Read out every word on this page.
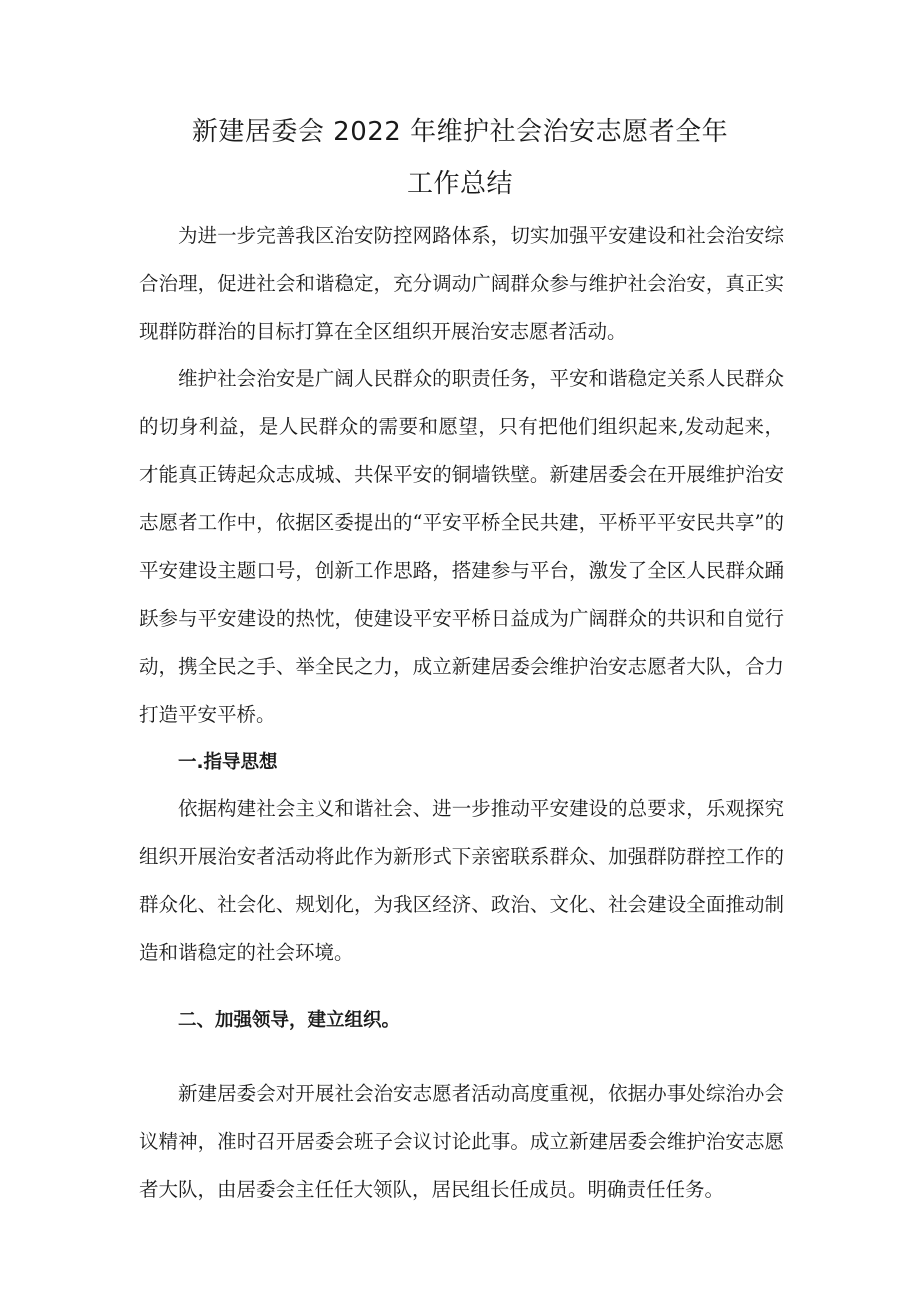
新建居委会 2022 年维护社会治安志愿者全年
工作总结

为进一步完善我区治安防控网路体系，切实加强平安建设和社会治安综合治理，促进社会和谐稳定，充分调动广阔群众参与维护社会治安，真正实现群防群治的目标打算在全区组织开展治安志愿者活动。

维护社会治安是广阔人民群众的职责任务，平安和谐稳定关系人民群众的切身利益，是人民群众的需要和愿望，只有把他们组织起来,发动起来，才能真正铸起众志成城、共保平安的铜墙铁壁。新建居委会在开展维护治安志愿者工作中，依据区委提出的“平安平桥全民共建，平桥平平安民共享”的平安建设主题口号，创新工作思路，搭建参与平台，激发了全区人民群众踊跃参与平安建设的热忱，使建设平安平桥日益成为广阔群众的共识和自觉行动，携全民之手、举全民之力，成立新建居委会维护治安志愿者大队，合力打造平安平桥。

一.指导思想

依据构建社会主义和谐社会、进一步推动平安建设的总要求，乐观探究组织开展治安者活动将此作为新形式下亲密联系群众、加强群防群控工作的群众化、社会化、规划化，为我区经济、政治、文化、社会建设全面推动制造和谐稳定的社会环境。

二、加强领导，建立组织。

新建居委会对开展社会治安志愿者活动高度重视，依据办事处综治办会议精神，准时召开居委会班子会议讨论此事。成立新建居委会维护治安志愿者大队，由居委会主任任大领队，居民组长任成员。明确责任任务。
